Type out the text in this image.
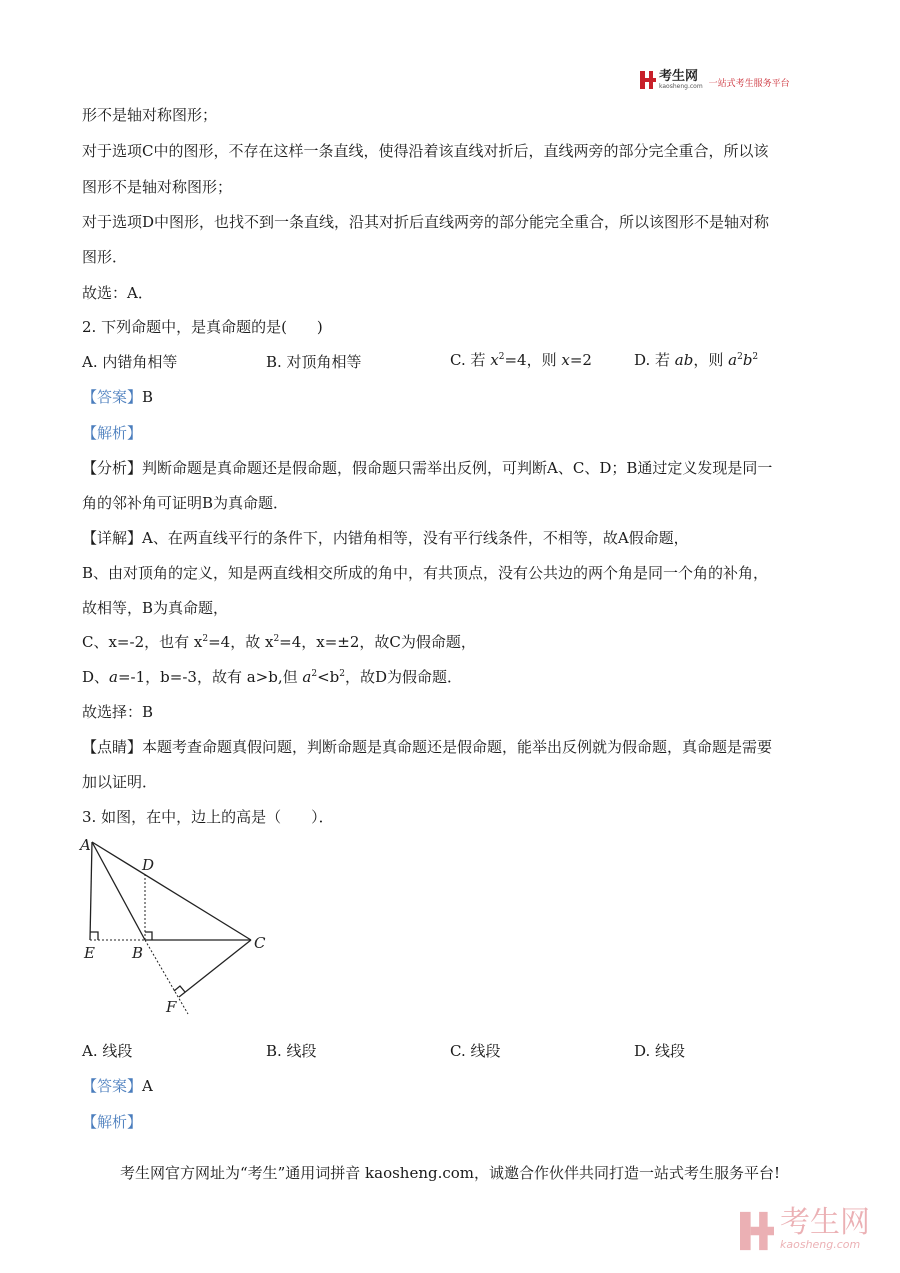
考生网
kaosheng.com 一站式考生服务平台
形不是轴对称图形；
对于选项C中的图形，不存在这样一条直线，使得沿着该直线对折后，直线两旁的部分完全重合，所以该
图形不是轴对称图形；
对于选项D中图形，也找不到一条直线，沿其对折后直线两旁的部分能完全重合，所以该图形不是轴对称
图形．
故选：A．
2. 下列命题中，是真命题的是(　　)
A. 内错角相等	B. 对顶角相等	C. 若 $x^2=4$，则 x=2	D. 若 ab，则 $a^2b^2$
【答案】B
【解析】
【分析】判断命题是真命题还是假命题，假命题只需举出反例，可判断A、C、D；B通过定义发现是同一
角的邻补角可证明B为真命题．
【详解】A、在两直线平行的条件下，内错角相等，没有平行线条件，不相等，故A假命题，
B、由对顶角的定义，知是两直线相交所成的角中，有共顶点，没有公共边的两个角是同一个角的补角，
故相等，B为真命题，
C、x=-2，也有 $x^2=4$，故 $x^2=4$，x=±2，故C为假命题，
D、a=-1，b=-3，故有 a>b,但 $a^2<b^2$，故D为假命题．
故选择：B
【点睛】本题考查命题真假问题，判断命题是真命题还是假命题，能举出反例就为假命题，真命题是需要
加以证明．
3. 如图，在中，边上的高是（　　）．
A
D
E B
C
F
A. 线段	B. 线段	C. 线段	D. 线段
【答案】A
【解析】
考生网官方网址为“考生”通用词拼音 kaosheng.com，诚邀合作伙伴共同打造一站式考生服务平台!
考生网
kaosheng.com
